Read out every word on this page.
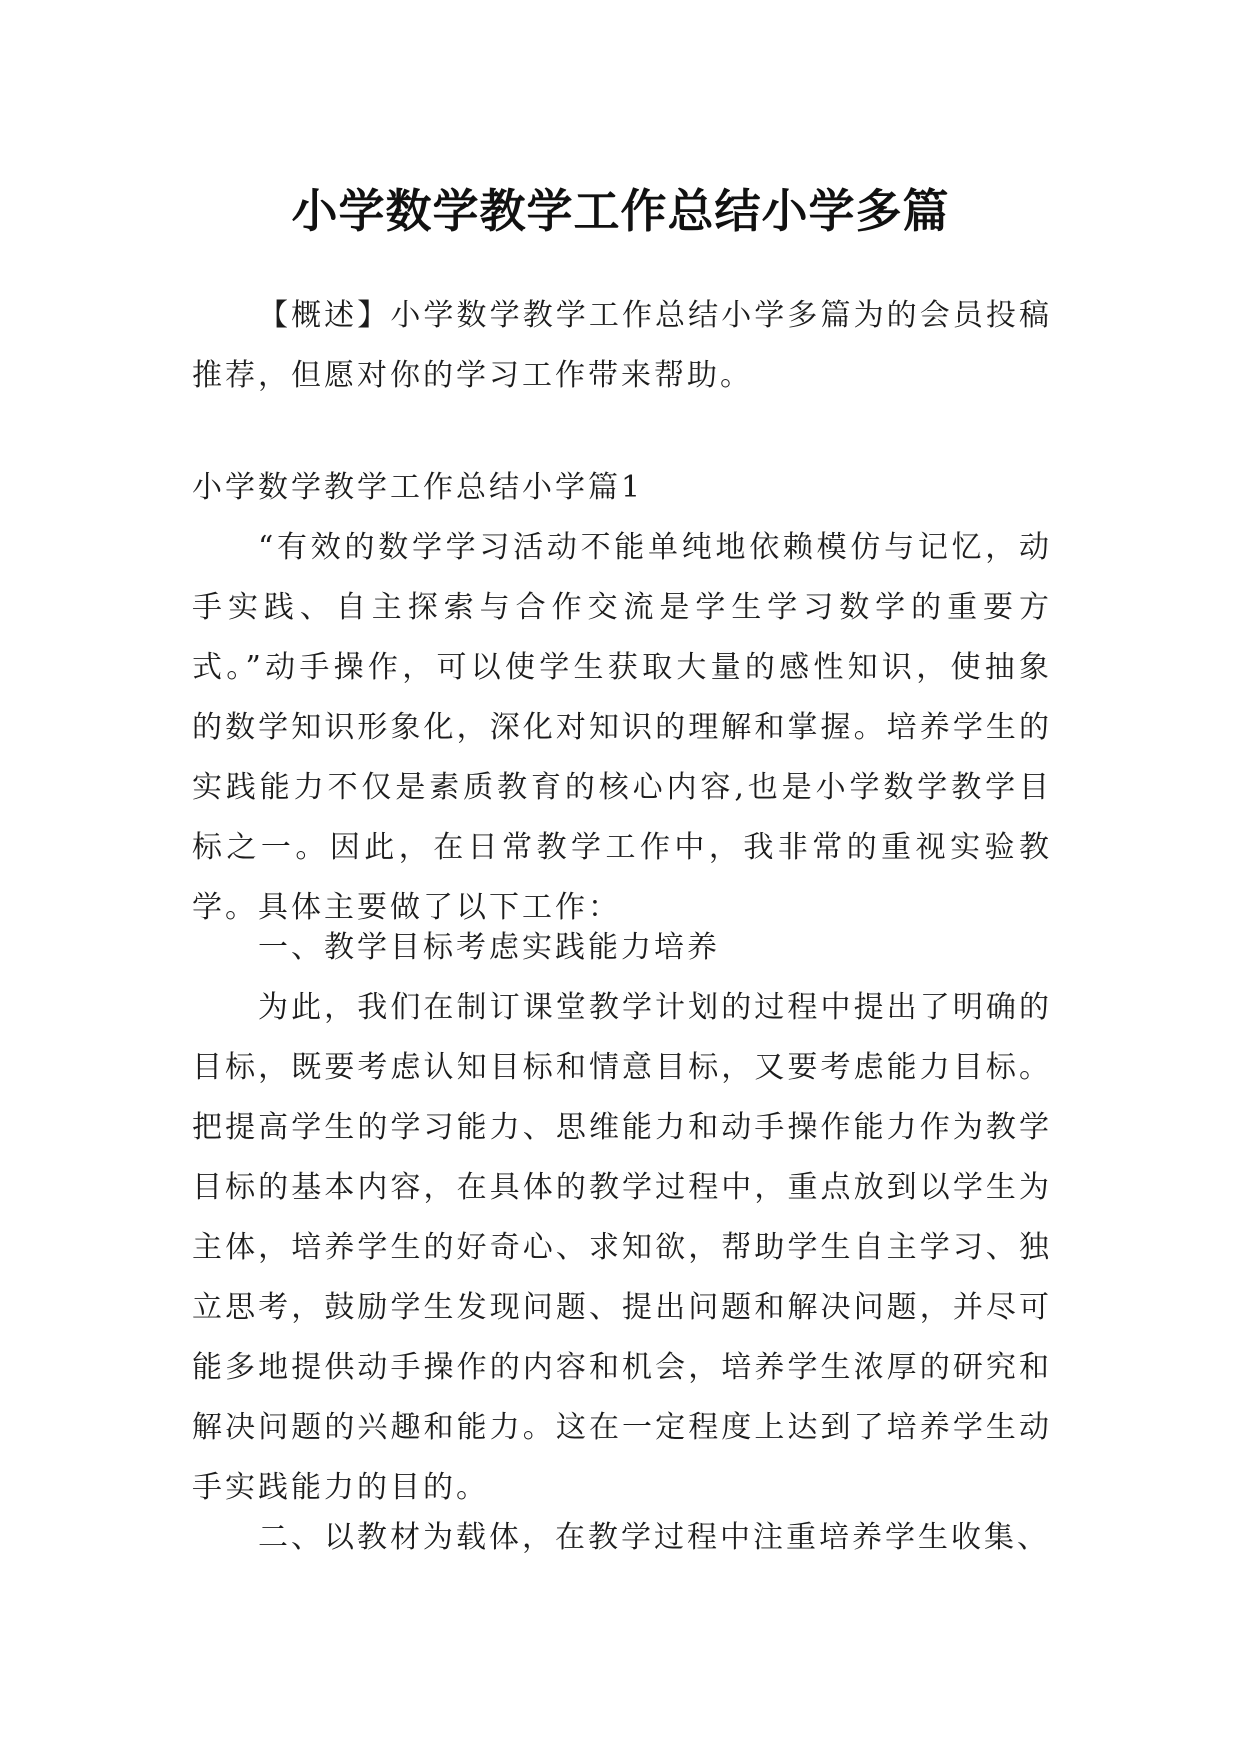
小学数学教学工作总结小学多篇

【概述】小学数学教学工作总结小学多篇为的会员投稿推荐，但愿对你的学习工作带来帮助。

小学数学教学工作总结小学篇1

“有效的数学学习活动不能单纯地依赖模仿与记忆，动手实践、自主探索与合作交流是学生学习数学的重要方式。”动手操作，可以使学生获取大量的感性知识，使抽象的数学知识形象化，深化对知识的理解和掌握。培养学生的实践能力不仅是素质教育的核心内容,也是小学数学教学目标之一。因此，在日常教学工作中，我非常的重视实验教学。具体主要做了以下工作：

一、教学目标考虑实践能力培养

为此，我们在制订课堂教学计划的过程中提出了明确的目标，既要考虑认知目标和情意目标，又要考虑能力目标。把提高学生的学习能力、思维能力和动手操作能力作为教学目标的基本内容，在具体的教学过程中，重点放到以学生为主体，培养学生的好奇心、求知欲，帮助学生自主学习、独立思考，鼓励学生发现问题、提出问题和解决问题，并尽可能多地提供动手操作的内容和机会，培养学生浓厚的研究和解决问题的兴趣和能力。这在一定程度上达到了培养学生动手实践能力的目的。

二、以教材为载体，在教学过程中注重培养学生收集、
